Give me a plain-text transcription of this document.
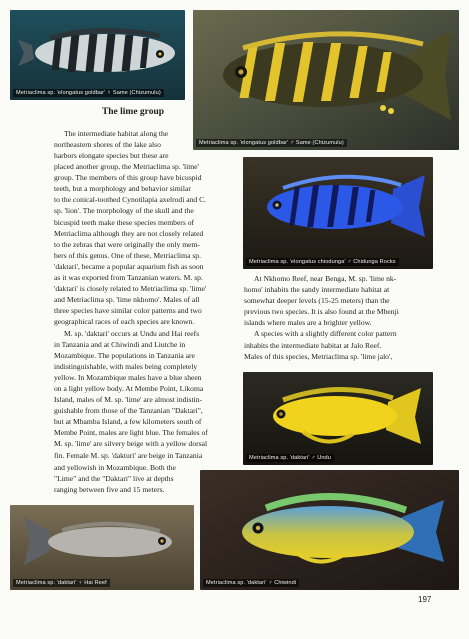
Metriaclima sp. 'elongatus goldbar' ♀ Same (Chizumulu)
Metriaclima sp. 'elongatus goldbar' ♂ Same (Chizumulu)
Metriaclima sp. 'elongatus chiodunga' ♂ Chidunga Rocks
Metriaclima sp. 'daktari' ♂ Undu
Metriaclima sp. 'daktari' ♀ Hai Reef	Metriaclima sp. 'daktari' ♂ Chiwindi
The lime group
The intermediate habitat along the
northeastern shores of the lake also
harbors elongate species but these are
placed another group, the Metriaclima sp. 'lime'
group. The members of this group have bicuspid
teeth, but a morphology and behavior similar
to the conical-toothed Cynotilapia axelrodi and C.
sp. 'lion'. The morphology of the skull and the
bicuspid teeth make these species members of
Metriaclima although they are not closely related
to the zebras that were originally the only mem-
bers of this genus. One of these, Metriaclima sp.
'daktari', became a popular aquarium fish as soon
as it was exported from Tanzanian waters. M. sp.
'daktari' is closely related to Metriaclima sp. 'lime'
and Metriaclima sp. 'lime nkhomo'. Males of all
three species have similar color patterns and two
geographical races of each species are known.
M. sp. 'daktari' occurs at Undu and Hai reefs
in Tanzania and at Chiwindi and Liutche in
Mozambique. The populations in Tanzania are
indistinguishable, with males being completely
yellow. In Mozambique males have a blue sheen
on a light yellow body. At Membe Point, Likoma
Island, males of M. sp. 'lime' are almost indistin-
guishable from those of the Tanzanian "Daktari",
but at Mbamba Island, a few kilometers south of
Membe Point, males are light blue. The females of
M. sp. 'lime' are silvery beige with a yellow dorsal
fin. Female M. sp. 'dakturi' are beige in Tanzania
and yellowish in Mozambique. Both the
"Lime" and the "Daktari" live at depths
ranging between five and 15 meters.
At Nkhomo Reef, near Benga, M. sp. 'lime nk-
homo' inhabits the sandy intermediate habitat at
somewhat deeper levels (15-25 meters) than the
previous two species. It is also found at the Mbenji
islands where males are a brighter yellow.
A species with a slightly different color pattern
inhabits the intermediate habitat at Jalo Reef.
Males of this species, Metriaclima sp. 'lime jalo',
197
